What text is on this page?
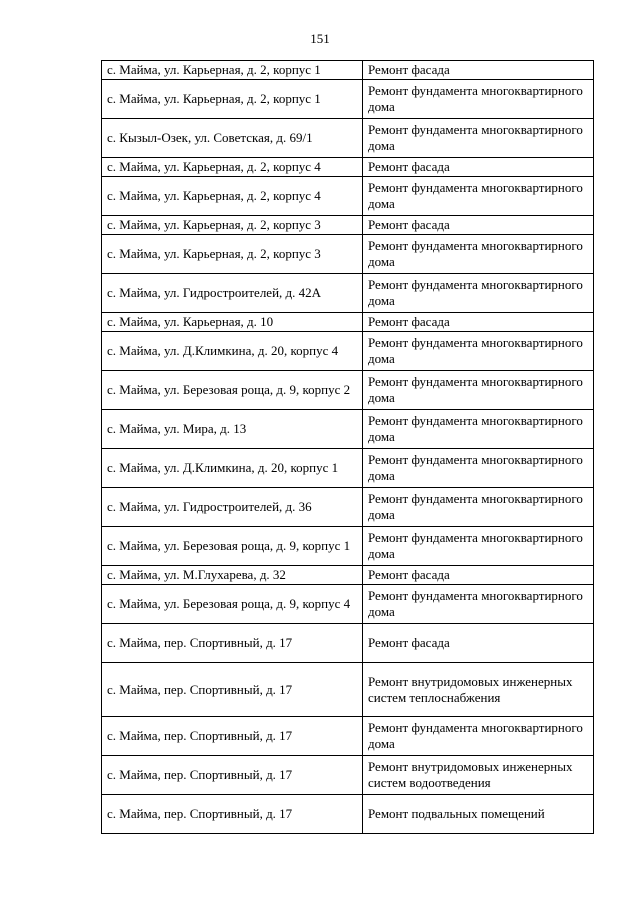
151
с. Майма, ул. Карьерная, д. 2, корпус 1	Ремонт фасада
с. Майма, ул. Карьерная, д. 2, корпус 1	Ремонт фундамента многоквартирного дома
с. Кызыл-Озек, ул. Советская, д. 69/1	Ремонт фундамента многоквартирного дома
с. Майма, ул. Карьерная, д. 2, корпус 4	Ремонт фасада
с. Майма, ул. Карьерная, д. 2, корпус 4	Ремонт фундамента многоквартирного дома
с. Майма, ул. Карьерная, д. 2, корпус 3	Ремонт фасада
с. Майма, ул. Карьерная, д. 2, корпус 3	Ремонт фундамента многоквартирного дома
с. Майма, ул. Гидростроителей, д. 42А	Ремонт фундамента многоквартирного дома
с. Майма, ул. Карьерная, д. 10	Ремонт фасада
с. Майма, ул. Д.Климкина, д. 20, корпус 4	Ремонт фундамента многоквартирного дома
с. Майма, ул. Березовая роща, д. 9, корпус 2	Ремонт фундамента многоквартирного дома
с. Майма, ул. Мира, д. 13	Ремонт фундамента многоквартирного дома
с. Майма, ул. Д.Климкина, д. 20, корпус 1	Ремонт фундамента многоквартирного дома
с. Майма, ул. Гидростроителей, д. 36	Ремонт фундамента многоквартирного дома
с. Майма, ул. Березовая роща, д. 9, корпус 1	Ремонт фундамента многоквартирного дома
с. Майма, ул. М.Глухарева, д. 32	Ремонт фасада
с. Майма, ул. Березовая роща, д. 9, корпус 4	Ремонт фундамента многоквартирного дома
с. Майма, пер. Спортивный, д. 17	Ремонт фасада
с. Майма, пер. Спортивный, д. 17	Ремонт внутридомовых инженерных систем теплоснабжения
с. Майма, пер. Спортивный, д. 17	Ремонт фундамента многоквартирного дома
с. Майма, пер. Спортивный, д. 17	Ремонт внутридомовых инженерных систем водоотведения
с. Майма, пер. Спортивный, д. 17	Ремонт подвальных помещений
